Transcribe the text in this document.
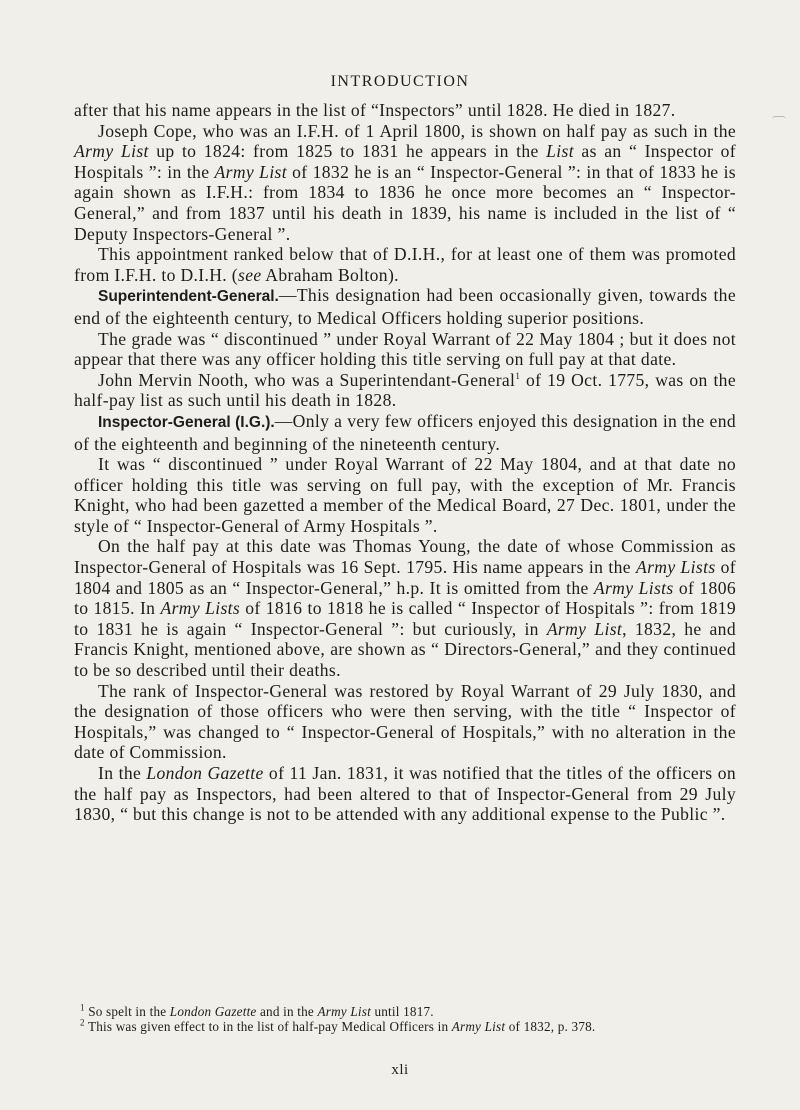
INTRODUCTION

after that his name appears in the list of “Inspectors” until 1828. He died in 1827.

Joseph Cope, who was an I.F.H. of 1 April 1800, is shown on half pay as such in the Army List up to 1824: from 1825 to 1831 he appears in the List as an “ Inspector of Hospitals ”: in the Army List of 1832 he is an “ Inspector-General ”: in that of 1833 he is again shown as I.F.H.: from 1834 to 1836 he once more becomes an “ Inspector-General,” and from 1837 until his death in 1839, his name is included in the list of “ Deputy Inspectors-General ”.

This appointment ranked below that of D.I.H., for at least one of them was promoted from I.F.H. to D.I.H. (see Abraham Bolton).

Superintendent-General.—This designation had been occasionally given, towards the end of the eighteenth century, to Medical Officers holding superior positions.

The grade was “ discontinued ” under Royal Warrant of 22 May 1804 ; but it does not appear that there was any officer holding this title serving on full pay at that date.

John Mervin Nooth, who was a Superintendant-General$^1$ of 19 Oct. 1775, was on the half-pay list as such until his death in 1828.

Inspector-General (I.G.).—Only a very few officers enjoyed this designation in the end of the eighteenth and beginning of the nineteenth century.

It was “ discontinued ” under Royal Warrant of 22 May 1804, and at that date no officer holding this title was serving on full pay, with the exception of Mr. Francis Knight, who had been gazetted a member of the Medical Board, 27 Dec. 1801, under the style of “ Inspector-General of Army Hospitals ”.

On the half pay at this date was Thomas Young, the date of whose Commission as Inspector-General of Hospitals was 16 Sept. 1795. His name appears in the Army Lists of 1804 and 1805 as an “ Inspector-General,” h.p. It is omitted from the Army Lists of 1806 to 1815. In Army Lists of 1816 to 1818 he is called “ Inspector of Hospitals ”: from 1819 to 1831 he is again “ Inspector-General ”: but curiously, in Army List, 1832, he and Francis Knight, mentioned above, are shown as “ Directors-General,” and they continued to be so described until their deaths.

The rank of Inspector-General was restored by Royal Warrant of 29 July 1830, and the designation of those officers who were then serving, with the title “ Inspector of Hospitals,” was changed to “ Inspector-General of Hospitals,” with no alteration in the date of Commission.

In the London Gazette of 11 Jan. 1831, it was notified that the titles of the officers on the half pay as Inspectors, had been altered to that of Inspector-General from 29 July 1830, “ but this change is not to be attended with any additional expense to the Public ”.

$^1$ So spelt in the London Gazette and in the Army List until 1817.

$^2$ This was given effect to in the list of half-pay Medical Officers in Army List of 1832, p. 378.

xli
